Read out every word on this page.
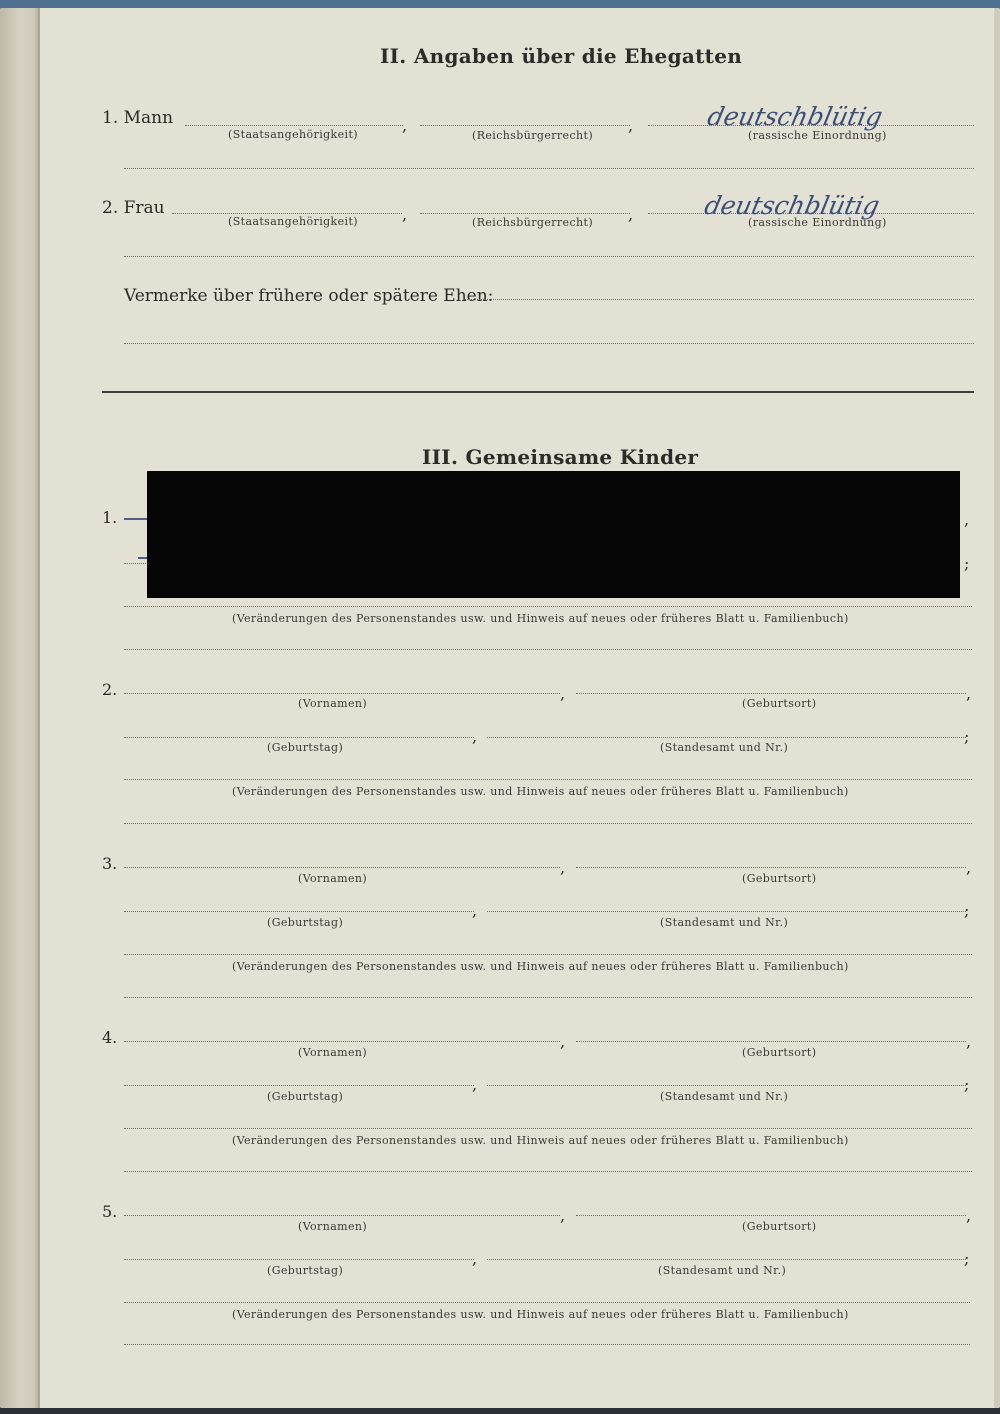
II. Angaben über die Ehegatten
1. Mann	,	,	deutschblütig
(Staatsangehörigkeit)	(Reichsbürgerrecht)	(rassische Einordnung)
2. Frau	,	,	deutschblütig
(Staatsangehörigkeit)	(Reichsbürgerrecht)	(rassische Einordnung)
Vermerke über frühere oder spätere Ehen:
III. Gemeinsame Kinder
1.	,
;
(Veränderungen des Personenstandes usw. und Hinweis auf neues oder früheres Blatt u. Familienbuch)
2.	,	,
(Vornamen)	(Geburtsort)
,	;
(Geburtstag)	(Standesamt und Nr.)
(Veränderungen des Personenstandes usw. und Hinweis auf neues oder früheres Blatt u. Familienbuch)
3.	,	,
(Vornamen)	(Geburtsort)
,	;
(Geburtstag)	(Standesamt und Nr.)
(Veränderungen des Personenstandes usw. und Hinweis auf neues oder früheres Blatt u. Familienbuch)
4.	,	,
(Vornamen)	(Geburtsort)
,	;
(Geburtstag)	(Standesamt und Nr.)
(Veränderungen des Personenstandes usw. und Hinweis auf neues oder früheres Blatt u. Familienbuch)
5.	,	,
(Vornamen)	(Geburtsort)
,	;
(Geburtstag)	(Standesamt und Nr.)
(Veränderungen des Personenstandes usw. und Hinweis auf neues oder früheres Blatt u. Familienbuch)
